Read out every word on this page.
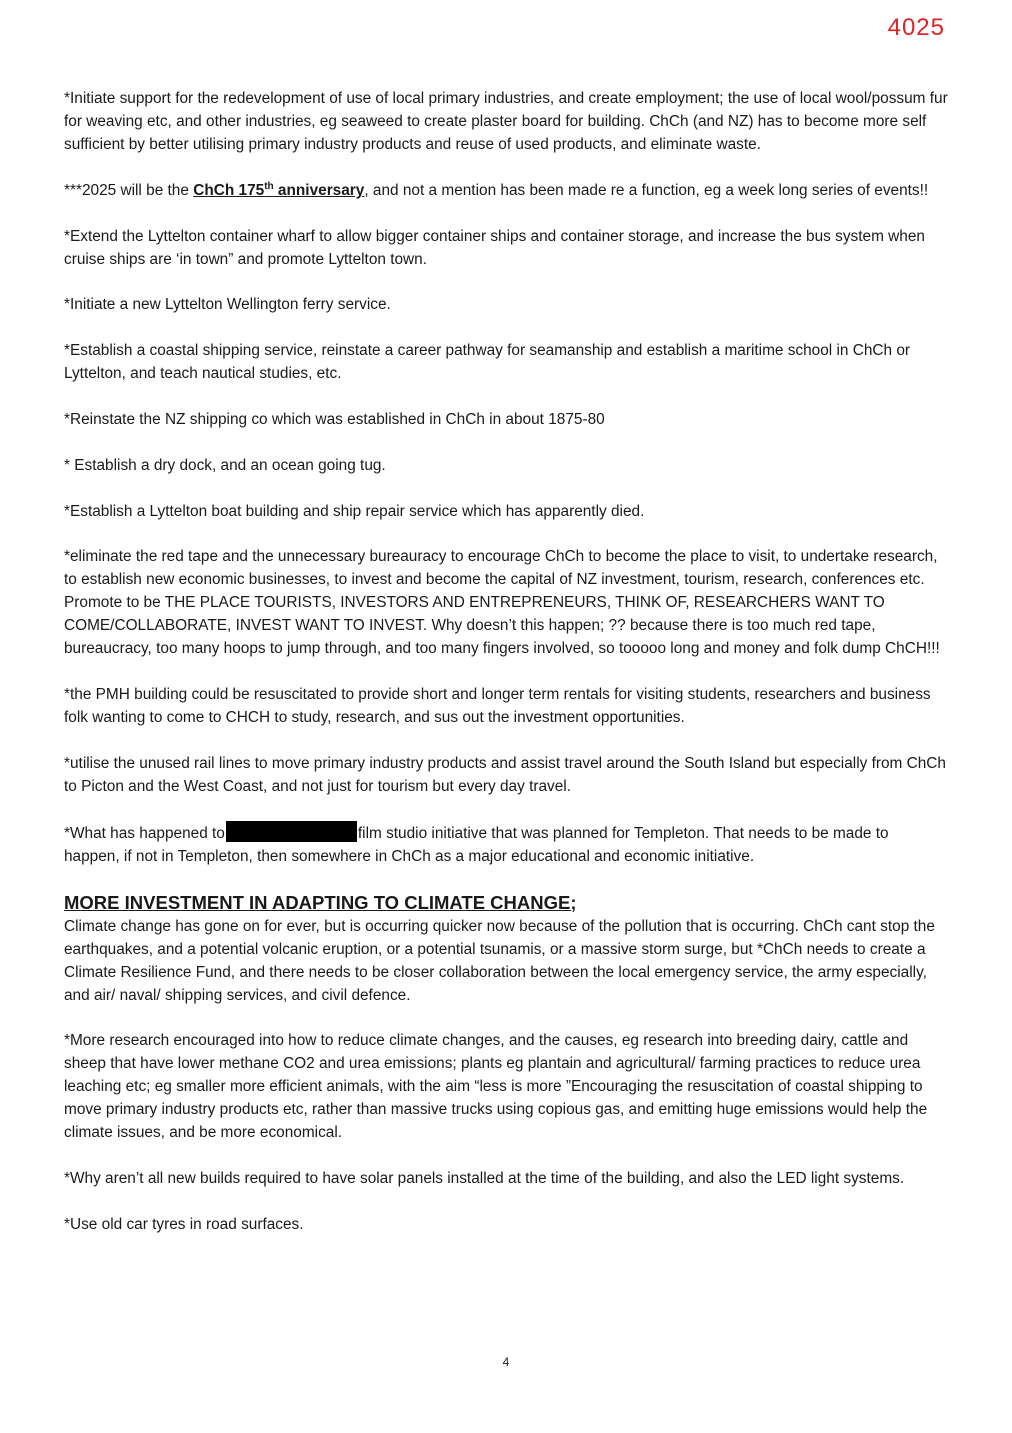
4025

*Initiate support for the redevelopment of use of local primary industries, and create employment; the use of local wool/possum fur for weaving etc, and other industries, eg seaweed to create plaster board for building. ChCh (and NZ) has to become more self sufficient by better utilising primary industry products and reuse of used products, and eliminate waste.

***2025 will be the ChCh 175th anniversary, and not a mention has been made re a function, eg a week long series of events!!

*Extend the Lyttelton container wharf to allow bigger container ships and container storage, and increase the bus system when cruise ships are ‘in town” and promote Lyttelton town.

*Initiate a new Lyttelton Wellington ferry service.

*Establish a coastal shipping service, reinstate a career pathway for seamanship and establish a maritime school in ChCh or Lyttelton, and teach nautical studies, etc.

*Reinstate the NZ shipping co which was established in ChCh in about 1875-80

* Establish a dry dock, and an ocean going tug.

*Establish a Lyttelton boat building and ship repair service which has apparently died.

*eliminate the red tape and the unnecessary bureauracy to encourage ChCh to become the place to visit, to undertake research, to establish new economic businesses, to invest and become the capital of NZ investment, tourism, research, conferences etc. Promote to be THE PLACE TOURISTS, INVESTORS AND ENTREPRENEURS, THINK OF, RESEARCHERS WANT TO COME/COLLABORATE, INVEST WANT TO INVEST. Why doesn’t this happen; ?? because there is too much red tape, bureaucracy, too many hoops to jump through, and too many fingers involved, so tooooo long and money and folk dump ChCH!!!

*the PMH building could be resuscitated to provide short and longer term rentals for visiting students, researchers and business folk wanting to come to CHCH to study, research, and sus out the investment opportunities.

*utilise the unused rail lines to move primary industry products and assist travel around the South Island but especially from ChCh to Picton and the West Coast, and not just for tourism but every day travel.

*What has happened to	film studio initiative that was planned for Templeton. That needs to be made to happen, if not in Templeton, then somewhere in ChCh as a major educational and economic initiative.

MORE INVESTMENT IN ADAPTING TO CLIMATE CHANGE;

Climate change has gone on for ever, but is occurring quicker now because of the pollution that is occurring. ChCh cant stop the earthquakes, and a potential volcanic eruption, or a potential tsunamis, or a massive storm surge, but *ChCh needs to create a Climate Resilience Fund, and there needs to be closer collaboration between the local emergency service, the army especially, and air/ naval/ shipping services, and civil defence.

*More research encouraged into how to reduce climate changes, and the causes, eg research into breeding dairy, cattle and sheep that have lower methane CO2 and urea emissions; plants eg plantain and agricultural/ farming practices to reduce urea leaching etc; eg smaller more efficient animals, with the aim “less is more ”Encouraging the resuscitation of coastal shipping to move primary industry products etc, rather than massive trucks using copious gas, and emitting huge emissions would help the climate issues, and be more economical.

*Why aren’t all new builds required to have solar panels installed at the time of the building, and also the LED light systems.

*Use old car tyres in road surfaces.

4
